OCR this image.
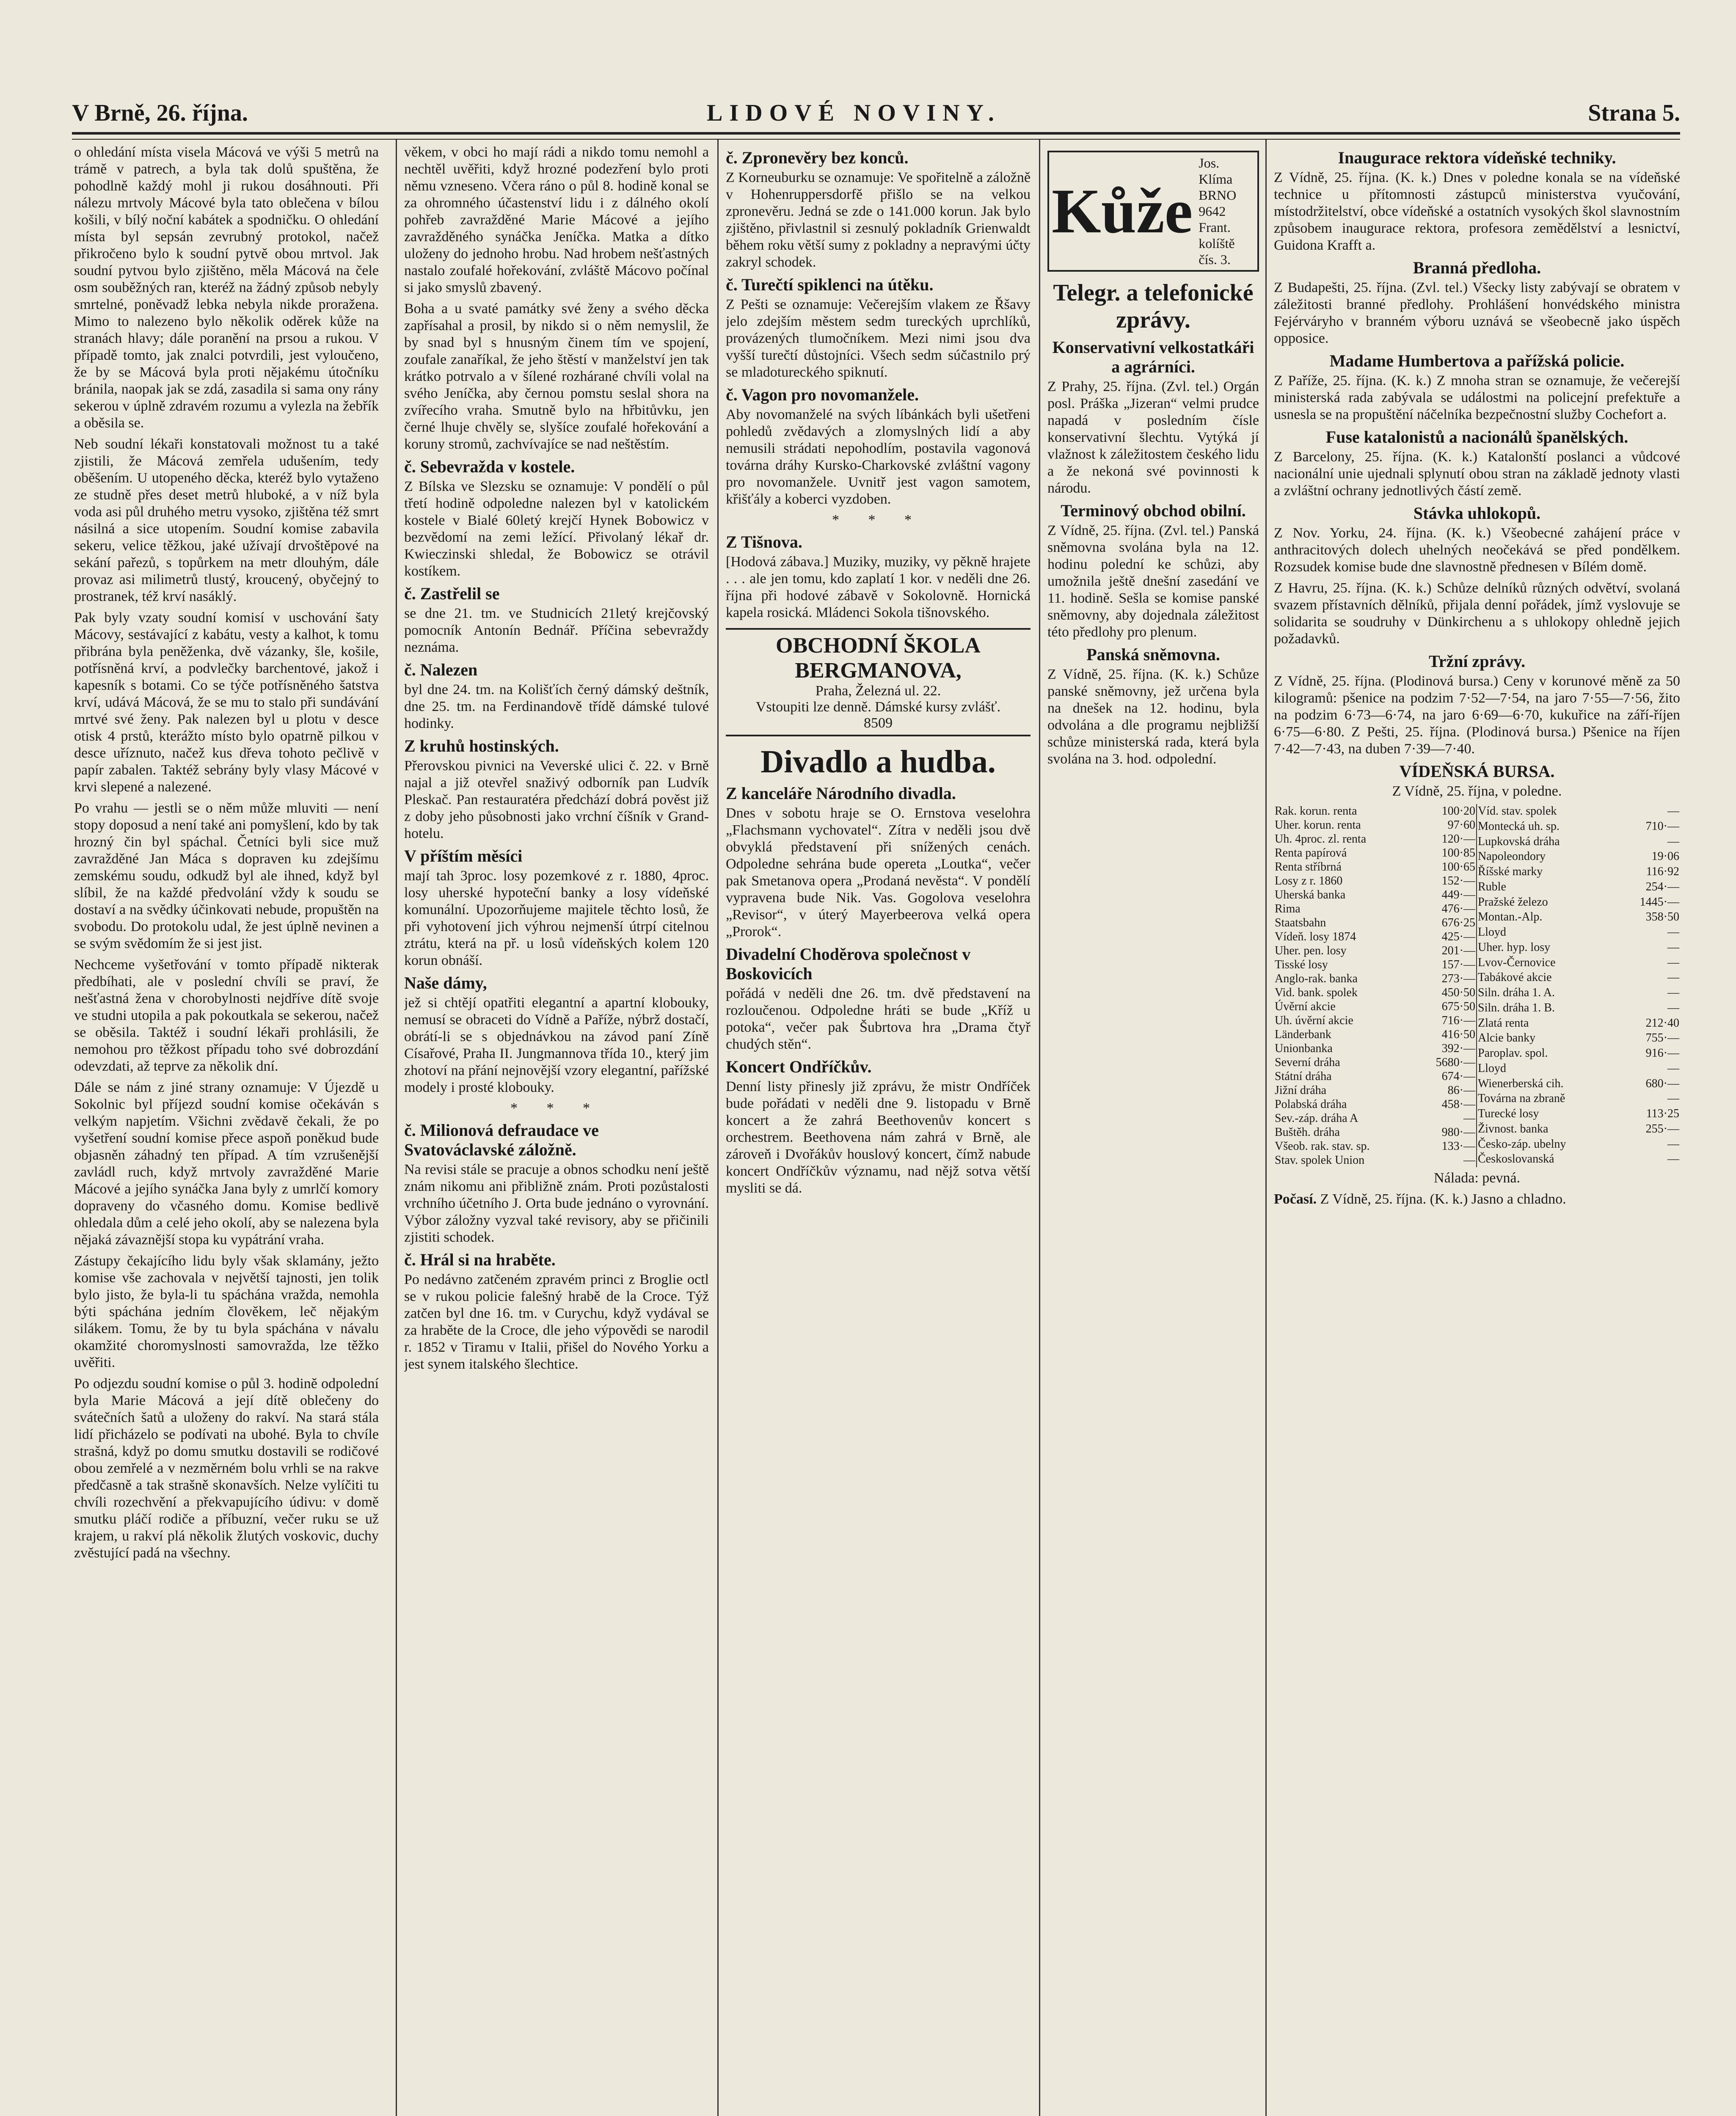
V Brně, 26. října.	LIDOVÉ NOVINY.	Strana 5.

o ohledání místa visela Mácová ve výši 5 metrů na trámě v patrech, a byla tak dolů spuštěna, že pohodlně každý mohl ji rukou dosáhnouti. Při nálezu mrtvoly Mácové byla tato oblečena v bílou košili, v bílý noční kabátek a spodničku. O ohledání místa byl sepsán zevrubný protokol, načež přikročeno bylo k soudní pytvě obou mrtvol. Jak soudní pytvou bylo zjištěno, měla Mácová na čele osm souběžných ran, kteréž na žádný způsob nebyly smrtelné, poněvadž lebka nebyla nikde proražena. Mimo to nalezeno bylo několik oděrek kůže na stranách hlavy; dále poranění na prsou a rukou. V případě tomto, jak znalci potvrdili, jest vyloučeno, že by se Mácová byla proti nějakému útočníku bránila, naopak jak se zdá, zasadila si sama ony rány sekerou v úplně zdravém rozumu a vylezla na žebřík a oběsila se.

Neb soudní lékaři konstatovali možnost tu a také zjistili, že Mácová zemřela udušením, tedy oběšením. U utopeného děcka, kteréž bylo vytaženo ze studně přes deset metrů hluboké, a v níž byla voda asi půl druhého metru vysoko, zjištěna též smrt násilná a sice utopením. Soudní komise zabavila sekeru, velice těžkou, jaké užívají drvoštěpové na sekání pařezů, s topůrkem na metr dlouhým, dále provaz asi milimetrů tlustý, kroucený, obyčejný to prostranek, též krví nasáklý.

Pak byly vzaty soudní komisí v uschování šaty Mácovy, sestávající z kabátu, vesty a kalhot, k tomu přibrána byla peněženka, dvě vázanky, šle, košile, potřísněná krví, a podvlečky barchentové, jakož i kapesník s botami. Co se týče potřísněného šatstva krví, udává Mácová, že se mu to stalo při sundávání mrtvé své ženy. Pak nalezen byl u plotu v desce otisk 4 prstů, kterážto místo bylo opatrně pilkou v desce uříznuto, načež kus dřeva tohoto pečlivě v papír zabalen. Taktéž sebrány byly vlasy Mácové v krvi slepené a nalezené.

Po vrahu — jestli se o něm může mluviti — není stopy doposud a není také ani pomyšlení, kdo by tak hrozný čin byl spáchal. Četníci byli sice muž zavražděné Jan Máca s dopraven ku zdejšímu zemskému soudu, odkudž byl ale ihned, když byl slíbil, že na každé předvolání vždy k soudu se dostaví a na svědky účinkovati nebude, propuštěn na svobodu. Do protokolu udal, že jest úplně nevinen a se svým svědomím že si jest jist.

Nechceme vyšetřování v tomto případě nikterak předbíhati, ale v poslední chvíli se praví, že nešťastná žena v chorobylnosti nejdříve dítě svoje ve studni utopila a pak pokoutkala se sekerou, načež se oběsila. Taktéž i soudní lékaři prohlásili, že nemohou pro těžkost případu toho své dobrozdání odevzdati, až teprve za několik dní.

Dále se nám z jiné strany oznamuje: V Újezdě u Sokolnic byl příjezd soudní komise očekáván s velkým napjetím. Všichni zvědavě čekali, že po vyšetření soudní komise přece aspoň poněkud bude objasněn záhadný ten případ. A tím vzrušenější zavládl ruch, když mrtvoly zavražděné Marie Mácové a jejího synáčka Jana byly z umrlčí komory dopraveny do včasného domu. Komise bedlivě ohledala dům a celé jeho okolí, aby se nalezena byla nějaká závaznější stopa ku vypátrání vraha.

Zástupy čekajícího lidu byly však sklamány, ježto komise vše zachovala v největší tajnosti, jen tolik bylo jisto, že byla-li tu spáchána vražda, nemohla býti spáchána jedním člověkem, leč nějakým silákem. Tomu, že by tu byla spáchána v návalu okamžité choromyslnosti samovražda, lze těžko uvěřiti.

Po odjezdu soudní komise o půl 3. hodině odpolední byla Marie Mácová a její dítě oblečeny do svátečních šatů a uloženy do rakví. Na stará stála lidí přicházelo se podívati na ubohé. Byla to chvíle strašná, když po domu smutku dostavili se rodičové obou zemřelé a v nezměrném bolu vrhli se na rakve předčasně a tak strašně skonavších. Nelze vylíčiti tu chvíli rozechvění a překvapujícího údivu: v domě smutku pláčí rodiče a příbuzní, večer ruku se už krajem, u rakví plá několik žlutých voskovic, duchy zvěstující padá na všechny.

věkem, v obci ho mají rádi a nikdo tomu nemohl a nechtěl uvěřiti, když hrozné podezření bylo proti němu vzneseno. Včera ráno o půl 8. hodině konal se za ohromného účastenství lidu i z dálného okolí pohřeb zavražděné Marie Mácové a jejího zavražděného synáčka Jeníčka. Matka a dítko uloženy do jednoho hrobu. Nad hrobem nešťastných nastalo zoufalé hořekování, zvláště Mácovo počínal si jako smyslů zbavený.

Boha a u svaté památky své ženy a svého děcka zapřísahal a prosil, by nikdo si o něm nemyslil, že by snad byl s hnusným činem tím ve spojení, zoufale zanaříkal, že jeho štěstí v manželství jen tak krátko potrvalo a v šílené rozhárané chvíli volal na svého Jeníčka, aby černou pomstu seslal shora na zvířecího vraha. Smutně bylo na hřbitůvku, jen černé lhuje chvěly se, slyšíce zoufalé hořekování a koruny stromů, zachvívajíce se nad neštěstím.

č. Sebevražda v kostele.

Z Bílska ve Slezsku se oznamuje: V pondělí o půl třetí hodině odpoledne nalezen byl v katolickém kostele v Bialé 60letý krejčí Hynek Bobowicz v bezvědomí na zemi ležící. Přivolaný lékař dr. Kwieczinski shledal, že Bobowicz se otrávil kostíkem.

č. Zastřelil se

se dne 21. tm. ve Studnicích 21letý krejčovský pomocník Antonín Bednář. Příčina sebevraždy neznáma.

č. Nalezen

byl dne 24. tm. na Kolišťích černý dámský deštník, dne 25. tm. na Ferdinandově třídě dámské tulové hodinky.

Z kruhů hostinských.

Přerovskou pivnici na Veverské ulici č. 22. v Brně najal a již otevřel snaživý odborník pan Ludvík Pleskač. Pan restauratéra předchází dobrá pověst již z doby jeho působnosti jako vrchní číšník v Grand-hotelu.

V příštím měsíci

mají tah 3proc. losy pozemkové z r. 1880, 4proc. losy uherské hypoteční banky a losy vídeňské komunální. Upozorňujeme majitele těchto losů, že při vyhotovení jich výhrou nejmenší útrpí citelnou ztrátu, která na př. u losů vídeňských kolem 120 korun obnáší.

Naše dámy,

jež si chtějí opatřiti elegantní a apartní klobouky, nemusí se obraceti do Vídně a Paříže, nýbrž dostačí, obrátí-li se s objednávkou na závod paní Zíně Císařové, Praha II. Jungmannova třída 10., který jim zhotoví na přání nejnovější vzory elegantní, pařížské modely i prosté klobouky.

* * *
č. Milionová defraudace ve Svatováclavské záložně.

Na revisi stále se pracuje a obnos schodku není ještě znám nikomu ani přibližně znám. Proti pozůstalosti vrchního účetního J. Orta bude jednáno o vyrovnání. Výbor záložny vyzval také revisory, aby se přičinili zjistiti schodek.

č. Hrál si na hraběte.

Po nedávno zatčeném zpravém princi z Broglie octl se v rukou policie falešný hrabě de la Croce. Týž zatčen byl dne 16. tm. v Curychu, když vydával se za hraběte de la Croce, dle jeho výpovědi se narodil r. 1852 v Tiramu v Italii, přišel do Nového Yorku a jest synem italského šlechtice.

č. Zpronevěry bez konců.

Z Korneuburku se oznamuje: Ve spořitelně a záložně v Hohenruppersdorfě přišlo se na velkou zpronevěru. Jedná se zde o 141.000 korun. Jak bylo zjištěno, přivlastnil si zesnulý pokladník Grienwaldt během roku větší sumy z pokladny a nepravými účty zakryl schodek.

č. Turečtí spiklenci na útěku.

Z Pešti se oznamuje: Večerejším vlakem ze Řšavy jelo zdejším městem sedm tureckých uprchlíků, provázených tlumočníkem. Mezi nimi jsou dva vyšší turečtí důstojníci. Všech sedm súčastnilo prý se mladotureckého spiknutí.

č. Vagon pro novomanžele.

Aby novomanželé na svých líbánkách byli ušetřeni pohledů zvědavých a zlomyslných lidí a aby nemusili strádati nepohodlím, postavila vagonová továrna dráhy Kursko-Charkovské zvláštní vagony pro novomanžele. Uvnitř jest vagon samotem, křišťály a koberci vyzdoben.

* * *
Z Tišnova.

[Hodová zábava.] Muziky, muziky, vy pěkně hrajete . . . ale jen tomu, kdo zaplatí 1 kor. v neděli dne 26. října při hodové zábavě v Sokolovně. Hornická kapela rosická. Mládenci Sokola tišnovského.

OBCHODNÍ ŠKOLA BERGMANOVA,
Praha, Železná ul. 22.
Vstoupiti lze denně. Dámské kursy zvlášť.
8509
Divadlo a hudba.
Z kanceláře Národního divadla.

Dnes v sobotu hraje se O. Ernstova veselohra „Flachsmann vychovatel“. Zítra v neděli jsou dvě obvyklá představení při snížených cenách. Odpoledne sehrána bude opereta „Loutka“, večer pak Smetanova opera „Prodaná nevěsta“. V pondělí vypravena bude Nik. Vas. Gogolova veselohra „Revisor“, v úterý Mayerbeerova velká opera „Prorok“.

Divadelní Choděrova společnost v Boskovicích

pořádá v neděli dne 26. tm. dvě představení na rozloučenou. Odpoledne hráti se bude „Kříž u potoka“, večer pak Šubrtova hra „Drama čtyř chudých stěn“.

Koncert Ondříčkův.

Denní listy přinesly již zprávu, že mistr Ondříček bude pořádati v neděli dne 9. listopadu v Brně koncert a že zahrá Beethovenův koncert s orchestrem. Beethovena nám zahrá v Brně, ale zároveň i Dvořákův houslový koncert, čímž nabude koncert Ondříčkův významu, nad nějž sotva větší mysliti se dá.

Kůže
Jos. Klíma
BRNO 9642
Frant. kolíště čís. 3.
Telegr. a telefonické zprávy.
Konservativní velkostatkáři a agrárníci.

Z Prahy, 25. října. (Zvl. tel.) Orgán posl. Práška „Jizeran“ velmi prudce napadá v posledním čísle konservativní šlechtu. Vytýká jí vlažnost k záležitostem českého lidu a že nekoná své povinnosti k národu.

Terminový obchod obilní.

Z Vídně, 25. října. (Zvl. tel.) Panská sněmovna svolána byla na 12. hodinu polední ke schůzi, aby umožnila ještě dnešní zasedání ve 11. hodině. Sešla se komise panské sněmovny, aby dojednala záležitost této předlohy pro plenum.

Panská sněmovna.

Z Vídně, 25. října. (K. k.) Schůze panské sněmovny, jež určena byla na dnešek na 12. hodinu, byla odvolána a dle programu nejbližší schůze ministerská rada, která byla svolána na 3. hod. odpolední.

Inaugurace rektora vídeňské techniky.

Z Vídně, 25. října. (K. k.) Dnes v poledne konala se na vídeňské technice u přítomnosti zástupců ministerstva vyučování, místodržitelství, obce vídeňské a ostatních vysokých škol slavnostním způsobem inaugurace rektora, profesora zemědělství a lesnictví, Guidona Krafft a.

Branná předloha.

Z Budapešti, 25. října. (Zvl. tel.) Všecky listy zabývají se obratem v záležitosti branné předlohy. Prohlášení honvédského ministra Fejérváryho v branném výboru uznává se všeobecně jako úspěch opposice.

Madame Humbertova a pařížská policie.

Z Paříže, 25. října. (K. k.) Z mnoha stran se oznamuje, že večerejší ministerská rada zabývala se událostmi na policejní prefektuře a usnesla se na propuštění náčelníka bezpečnostní služby Cochefort a.

Fuse katalonistů a nacionálů španělských.

Z Barcelony, 25. října. (K. k.) Katalonští poslanci a vůdcové nacionální unie ujednali splynutí obou stran na základě jednoty vlasti a zvláštní ochrany jednotlivých částí země.

Stávka uhlokopů.

Z Nov. Yorku, 24. října. (K. k.) Všeobecné zahájení práce v anthracitových dolech uhelných neočekává se před pondělkem. Rozsudek komise bude dne slavnostně přednesen v Bílém domě.

Z Havru, 25. října. (K. k.) Schůze delníků různých odvětví, svolaná svazem přístavních dělníků, přijala denní pořádek, jímž vyslovuje se solidarita se soudruhy v Dünkirchenu a s uhlokopy ohledně jejich požadavků.

Tržní zprávy.

Z Vídně, 25. října. (Plodinová bursa.) Ceny v korunové měně za 50 kilogramů: pšenice na podzim 7·52—7·54, na jaro 7·55—7·56, žito na podzim 6·73—6·74, na jaro 6·69—6·70, kukuřice na září-říjen 6·75—6·80. Z Pešti, 25. října. (Plodinová bursa.) Pšenice na říjen 7·42—7·43, na duben 7·39—7·40.

VÍDEŇSKÁ BURSA.

Z Vídně, 25. října, v poledne.

Rak. korun. renta	100·20
Uher. korun. renta	97·60
Uh. 4proc. zl. renta	120·—
Renta papírová	100·85
Renta stříbrná	100·65
Losy z r. 1860	152·—
Uherská banka	449·—
Rima	476·—
Staatsbahn	676·25
Vídeň. losy 1874	425·—
Uher. pen. losy	201·—
Tisské losy	157·—
Anglo-rak. banka	273·—
Vid. bank. spolek	450·50
Úvěrní akcie	675·50
Uh. úvěrní akcie	716·—
Länderbank	416·50
Unionbanka	392·—
Severní dráha	5680·—
Státní dráha	674·—
Jižní dráha	86·—
Polabská dráha	458·—
Sev.-záp. dráha A	—
Buštěh. dráha	980·—
Všeob. rak. stav. sp.	133·—
Stav. spolek Union	—
Víd. stav. spolek	—
Montecká uh. sp.	710·—
Lupkovská dráha	—
Napoleondory	19·06
Říšské marky	116·92
Ruble	254·—
Pražské železo	1445·—
Montan.-Alp.	358·50
Lloyd	—
Uher. hyp. losy	—
Lvov-Černovice	—
Tabákové akcie	—
Siln. dráha 1. A.	—
Siln. dráha 1. B.	—
Zlatá renta	212·40
Alcie banky	755·—
Paroplav. spol.	916·—
Lloyd	—
Wienerberská cih.	680·—
Továrna na zbraně	—
Turecké losy	113·25
Živnost. banka	255·—
Česko-záp. ubelny	—
Českoslovanská	—

Nálada: pevná.

Počasí. Z Vídně, 25. října. (K. k.) Jasno a chladno.
